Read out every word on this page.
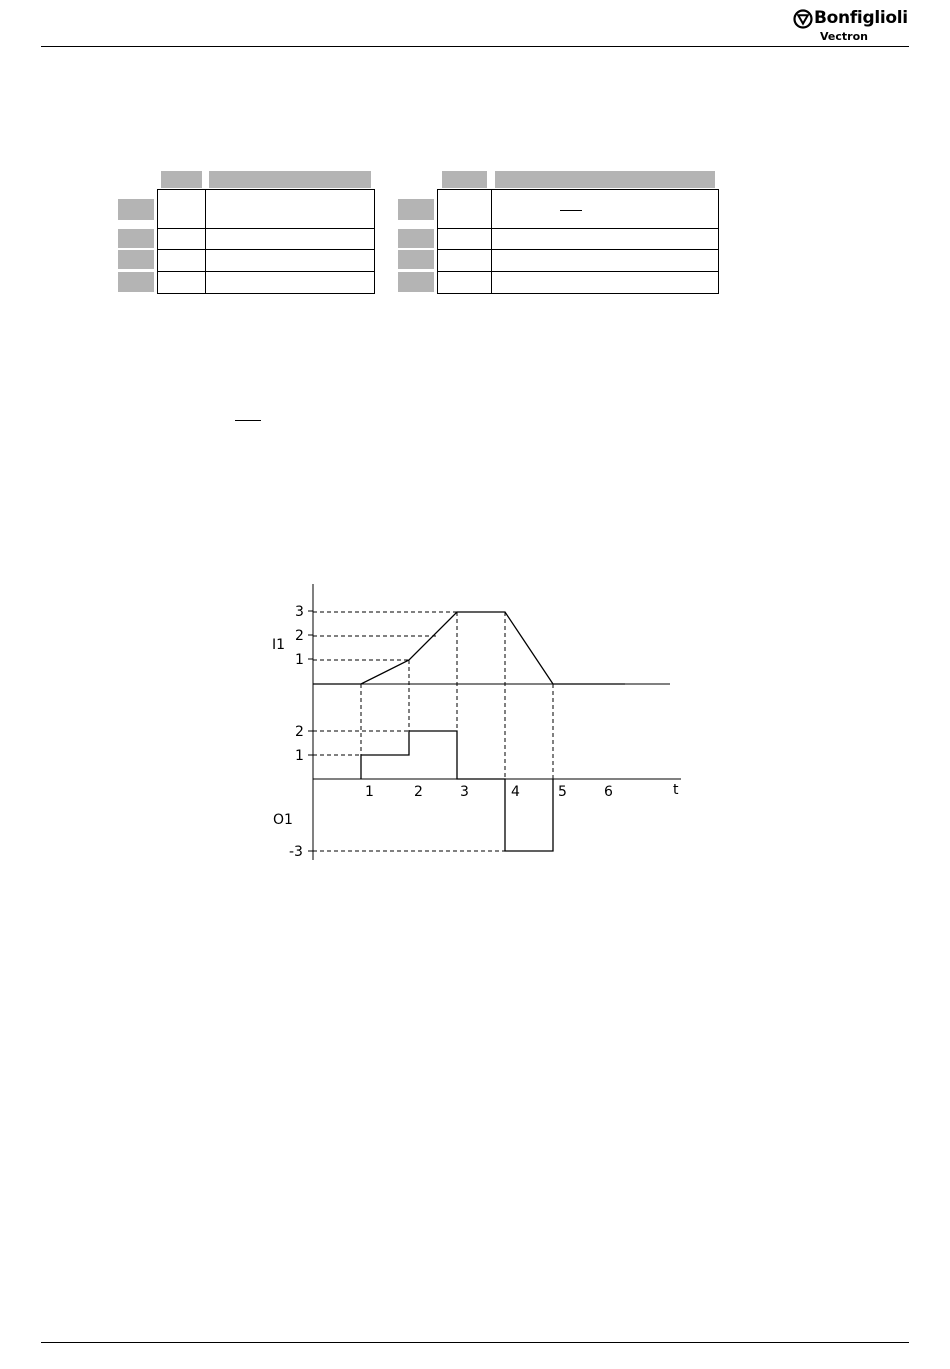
Bonfiglioli
Vectron
3
2
1
I1
2
1
-3
O1
1	2	3	4	5	6	t
